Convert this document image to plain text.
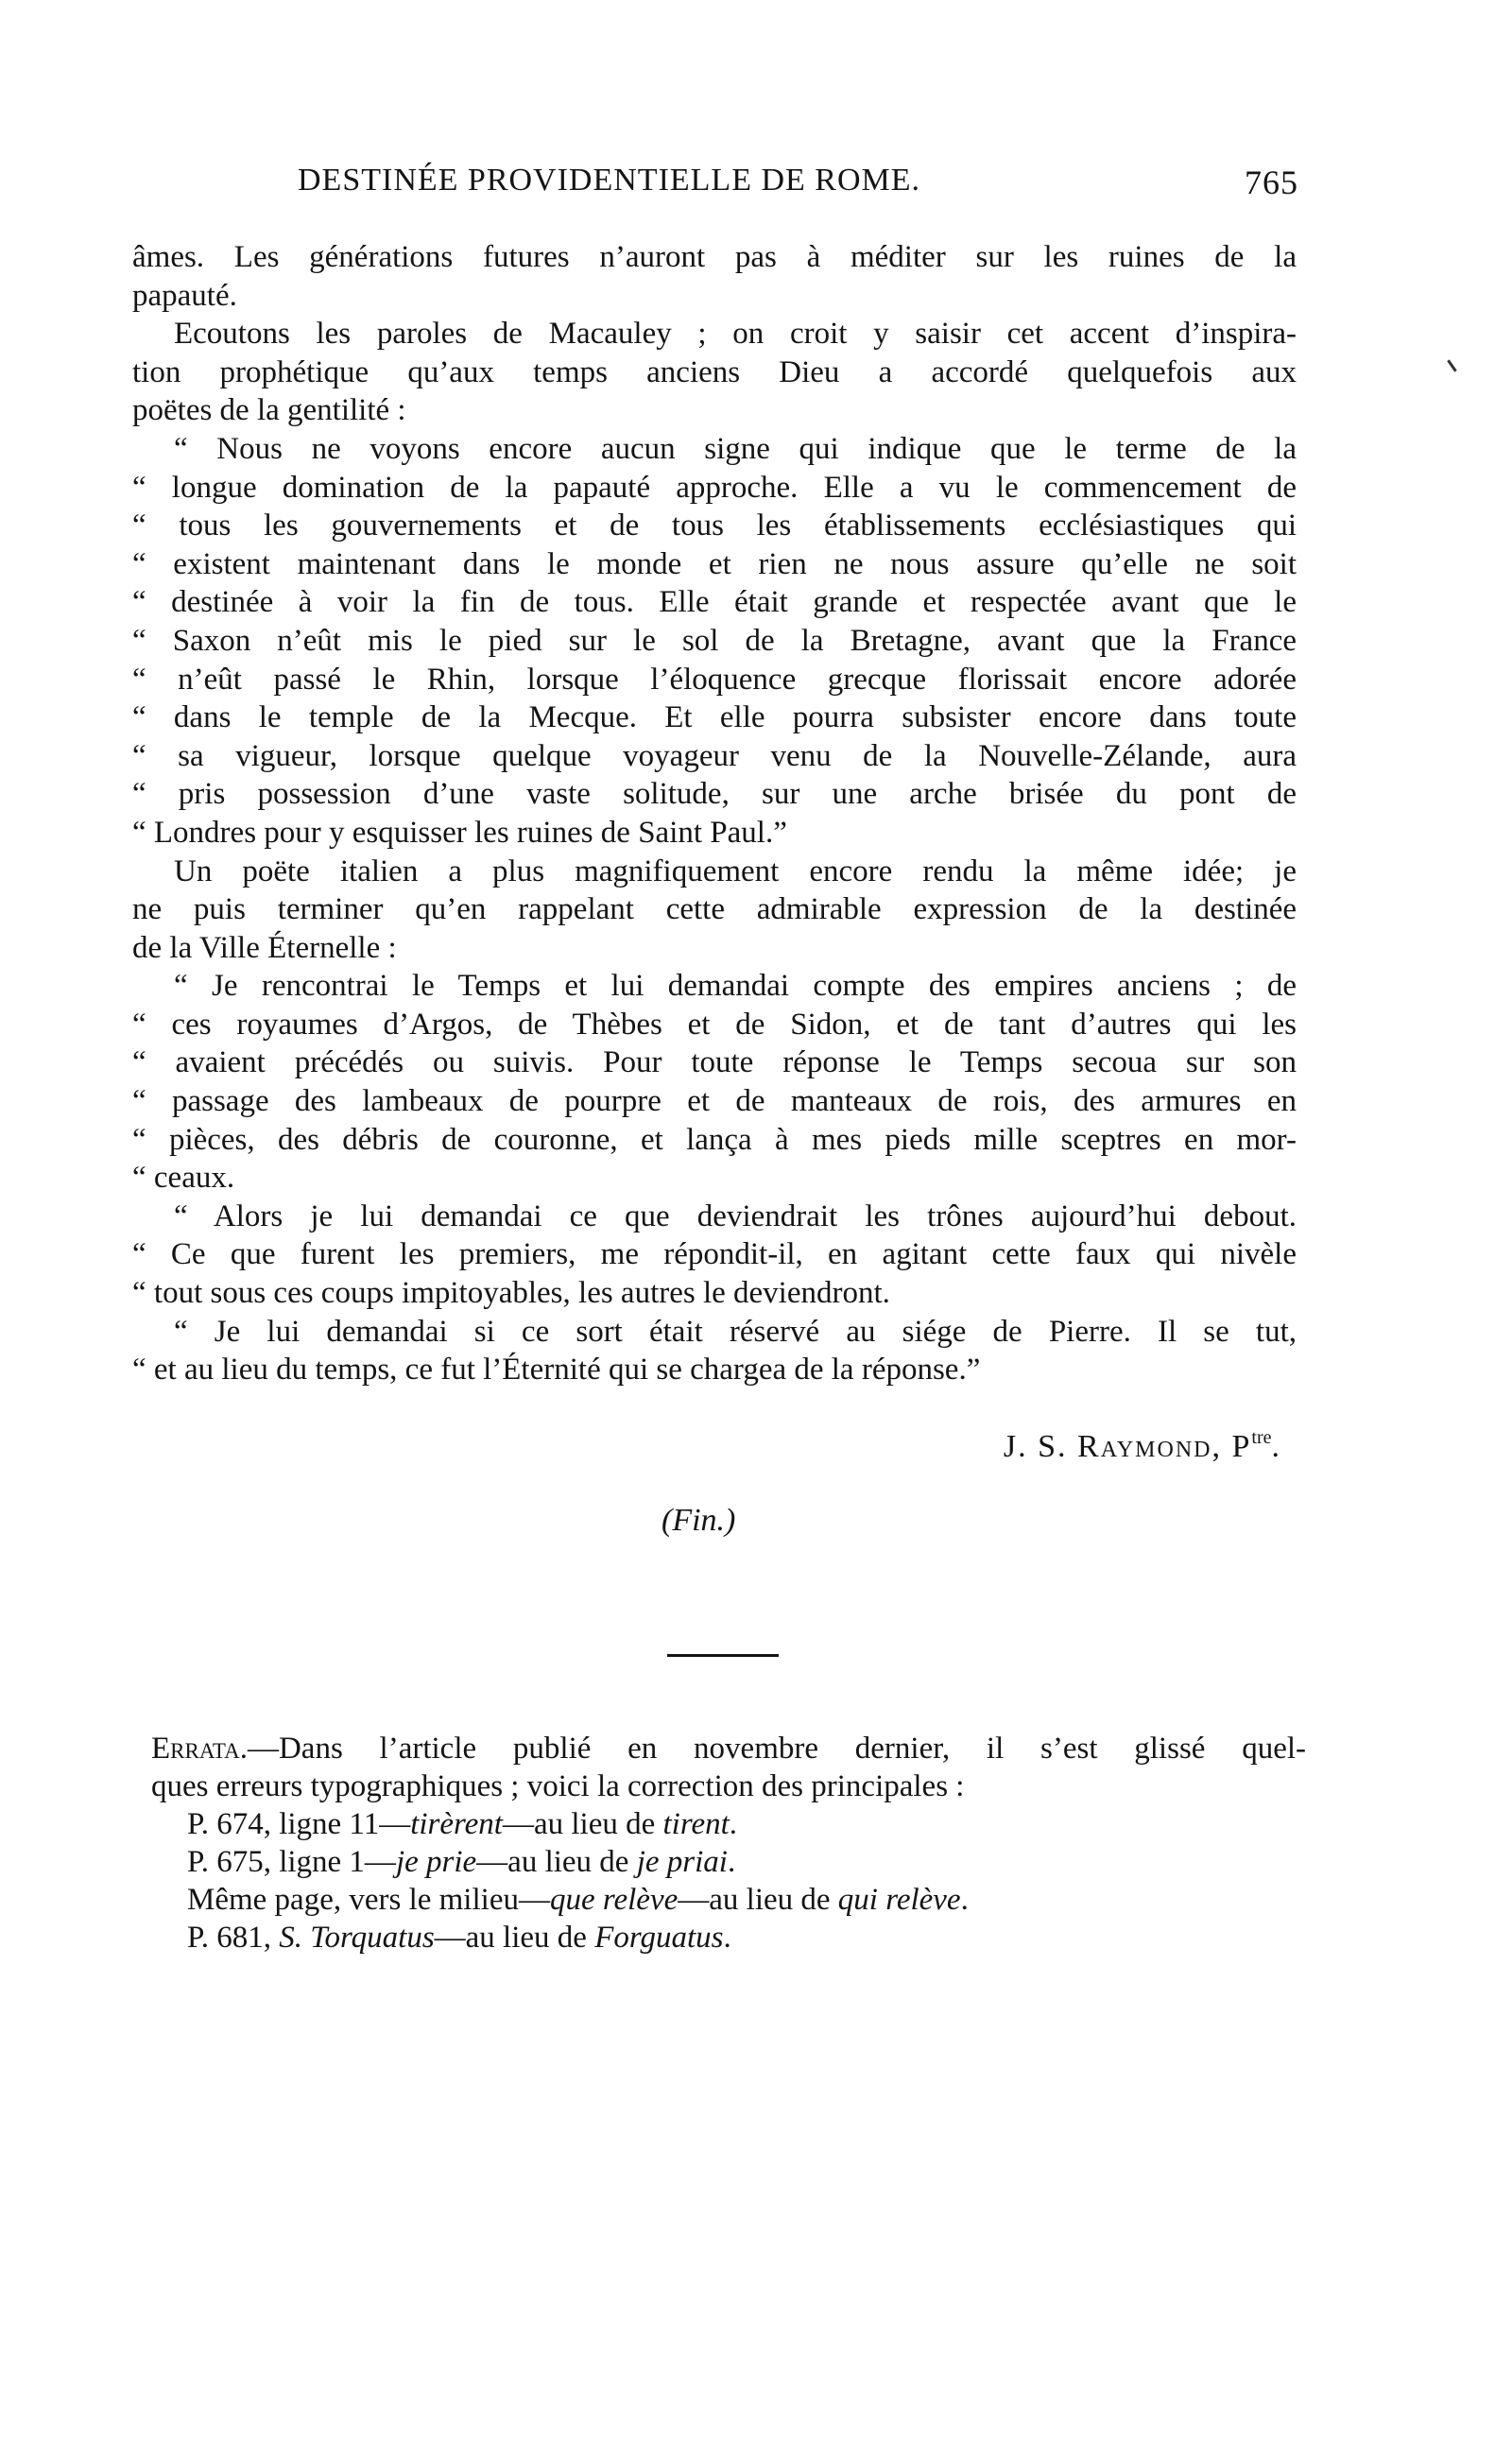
DESTINÉE PROVIDENTIELLE DE ROME.	765
âmes. Les générations futures n’auront pas à méditer sur les ruines de la
papauté.
Ecoutons les paroles de Macauley ; on croit y saisir cet accent d’inspira-
tion prophétique qu’aux temps anciens Dieu a accordé quelquefois aux
poëtes de la gentilité :
“ Nous ne voyons encore aucun signe qui indique que le terme de la
“ longue domination de la papauté approche. Elle a vu le commencement de
“ tous les gouvernements et de tous les établissements ecclésiastiques qui
“ existent maintenant dans le monde et rien ne nous assure qu’elle ne soit
“ destinée à voir la fin de tous. Elle était grande et respectée avant que le
“ Saxon n’eût mis le pied sur le sol de la Bretagne, avant que la France
“ n’eût passé le Rhin, lorsque l’éloquence grecque florissait encore adorée
“ dans le temple de la Mecque. Et elle pourra subsister encore dans toute
“ sa vigueur, lorsque quelque voyageur venu de la Nouvelle-Zélande, aura
“ pris possession d’une vaste solitude, sur une arche brisée du pont de
“ Londres pour y esquisser les ruines de Saint Paul.”
Un poëte italien a plus magnifiquement encore rendu la même idée; je
ne puis terminer qu’en rappelant cette admirable expression de la destinée
de la Ville Éternelle :
“ Je rencontrai le Temps et lui demandai compte des empires anciens ; de
“ ces royaumes d’Argos, de Thèbes et de Sidon, et de tant d’autres qui les
“ avaient précédés ou suivis. Pour toute réponse le Temps secoua sur son
“ passage des lambeaux de pourpre et de manteaux de rois, des armures en
“ pièces, des débris de couronne, et lança à mes pieds mille sceptres en mor-
“ ceaux.
“ Alors je lui demandai ce que deviendrait les trônes aujourd’hui debout.
“ Ce que furent les premiers, me répondit-il, en agitant cette faux qui nivèle
“ tout sous ces coups impitoyables, les autres le deviendront.
“ Je lui demandai si ce sort était réservé au siége de Pierre. Il se tut,
“ et au lieu du temps, ce fut l’Éternité qui se chargea de la réponse.”
J. S. Raymond, $P^{tre}$.
(Fin.)
Errata.—Dans l’article publié en novembre dernier, il s’est glissé quel-
ques erreurs typographiques ; voici la correction des principales :
P. 674, ligne 11—tirèrent—au lieu de tirent.
P. 675, ligne 1—je prie—au lieu de je priai.
Même page, vers le milieu—que relève—au lieu de qui relève.
P. 681, S. Torquatus—au lieu de Forguatus.
